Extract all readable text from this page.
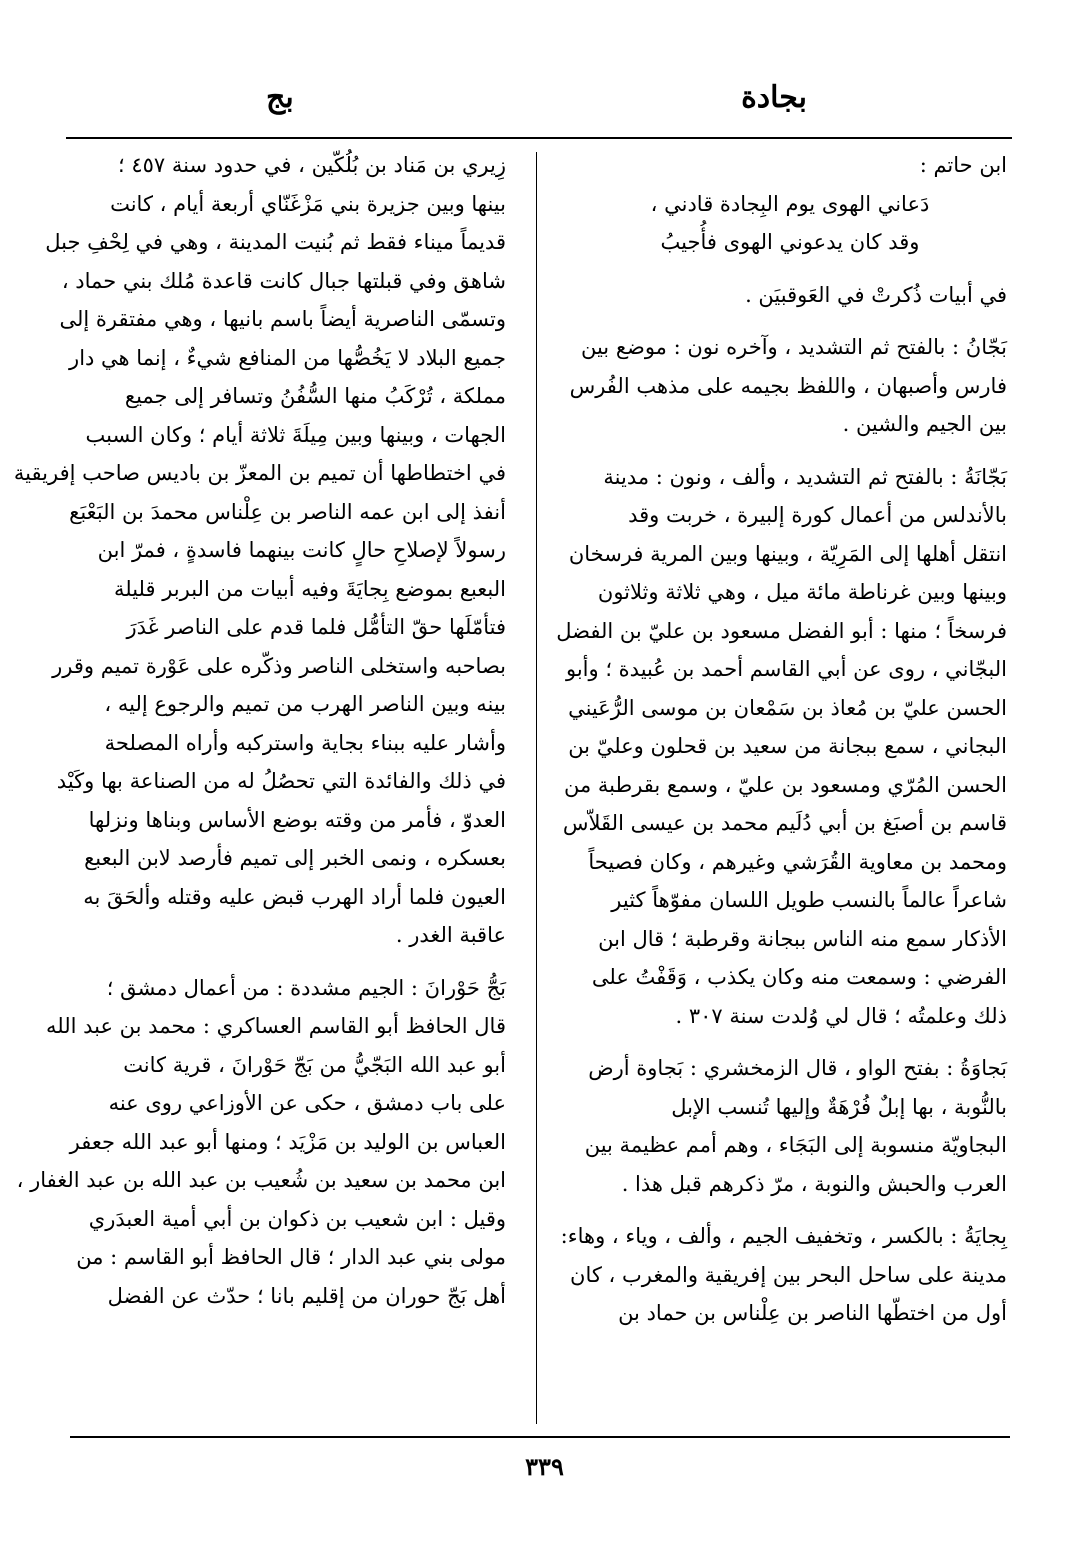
بجادة
بج
ابن حاتم :
دَعاني الهوى يوم البِجادة قادني ،
وقد كان يدعوني الهوى فأُجيبُ
في أبيات ذُكرتْ في العَوقبيَن .
بَجّانُ : بالفتح ثم التشديد ، وآخره نون : موضع بين
فارس وأصبهان ، واللفظ بجيمه على مذهب الفُرس
بين الجيم والشين .
بَجّانَةُ : بالفتح ثم التشديد ، وألف ، ونون : مدينة
بالأندلس من أعمال كورة إلبيرة ، خربت وقد
انتقل أهلها إلى المَرِيّة ، وبينها وبين المرية فرسخان
وبينها وبين غرناطة مائة ميل ، وهي ثلاثة وثلاثون
فرسخاً ؛ منها : أبو الفضل مسعود بن عليّ بن الفضل
البجّاني ، روى عن أبي القاسم أحمد بن عُبيدة ؛ وأبو
الحسن عليّ بن مُعاذ بن سَمْعان بن موسى الرُّعَيني
البجاني ، سمع ببجانة من سعيد بن قحلون وعليّ بن
الحسن المُرّي ومسعود بن عليّ ، وسمع بقرطبة من
قاسم بن أصبَغ بن أبي دُلَيم محمد بن عيسى القَلاّس
ومحمد بن معاوية القُرَشي وغيرهم ، وكان فصيحاً
شاعراً عالماً بالنسب طويل اللسان مفوّهاً كثير
الأذكار سمع منه الناس ببجانة وقرطبة ؛ قال ابن
الفرضي : وسمعت منه وكان يكذب ، وَقَفْتُ على
ذلك وعلمتُه ؛ قال لي وُلدت سنة ٣٠٧ .
بَجاوَةُ : بفتح الواو ، قال الزمخشري : بَجاوة أرض
بالنُّوبة ، بها إبلٌ فُرْهَةٌ وإليها تُنسب الإبل
البجاويّة منسوبة إلى البَجَاء ، وهم أمم عظيمة بين
العرب والحبش والنوبة ، مرّ ذكرهم قبل هذا .
بِجايَةُ : بالكسر ، وتخفيف الجيم ، وألف ، وياء ، وهاء:
مدينة على ساحل البحر بين إفريقية والمغرب ، كان
أول من اختطّها الناصر بن عِلْناس بن حماد بن
زِيري بن مَناد بن بُلُكّين ، في حدود سنة ٤٥٧ ؛
بينها وبين جزيرة بني مَزْغَنّاي أربعة أيام ، كانت
قديماً ميناء فقط ثم بُنيت المدينة ، وهي في لِحْفِ جبل
شاهق وفي قبلتها جبال كانت قاعدة مُلك بني حماد ،
وتسمّى الناصرية أيضاً باسم بانيها ، وهي مفتقرة إلى
جميع البلاد لا يَخُصُّها من المنافع شيءٌ ، إنما هي دار
مملكة ، تُرْكَبُ منها السُّفُنُ وتسافر إلى جميع
الجهات ، وبينها وبين مِيلَةَ ثلاثة أيام ؛ وكان السبب
في اختطاطها أن تميم بن المعزّ بن باديس صاحب إفريقية
أنفذ إلى ابن عمه الناصر بن عِلْناس محمدَ بن البَعْبَع
رسولاً لإصلاحِ حالٍ كانت بينهما فاسدةٍ ، فمرّ ابن
البعبع بموضع بِجايَةَ وفيه أبيات من البربر قليلة
فتأمّلَها حقّ التأمُّل فلما قدم على الناصر غَدَرَ
بصاحبه واستخلى الناصر وذكّره على عَوْرة تميم وقرر
بينه وبين الناصر الهرب من تميم والرجوع إليه ،
وأشار عليه ببناء بجاية واستركبه وأراه المصلحة
في ذلك والفائدة التي تحصُلُ له من الصناعة بها وكَيْد
العدوّ ، فأمر من وقته بوضع الأساس وبناها ونزلها
بعسكره ، ونمى الخبر إلى تميم فأرصد لابن البعبع
العيون فلما أراد الهرب قبض عليه وقتله وألحَقَ به
عاقبة الغدر .
بَجُّ حَوْرانَ : الجيم مشددة : من أعمال دمشق ؛
قال الحافظ أبو القاسم العساكري : محمد بن عبد الله
أبو عبد الله البَجّيُّ من بَجّ حَوْرانَ ، قرية كانت
على باب دمشق ، حكى عن الأوزاعي روى عنه
العباس بن الوليد بن مَزْيَد ؛ ومنها أبو عبد الله جعفر
ابن محمد بن سعيد بن شُعيب بن عبد الله بن عبد الغفار ،
وقيل : ابن شعيب بن ذكوان بن أبي أمية العبدَري
مولى بني عبد الدار ؛ قال الحافظ أبو القاسم : من
أهل بَجّ حوران من إقليم بانا ؛ حدّث عن الفضل
٣٣٩
